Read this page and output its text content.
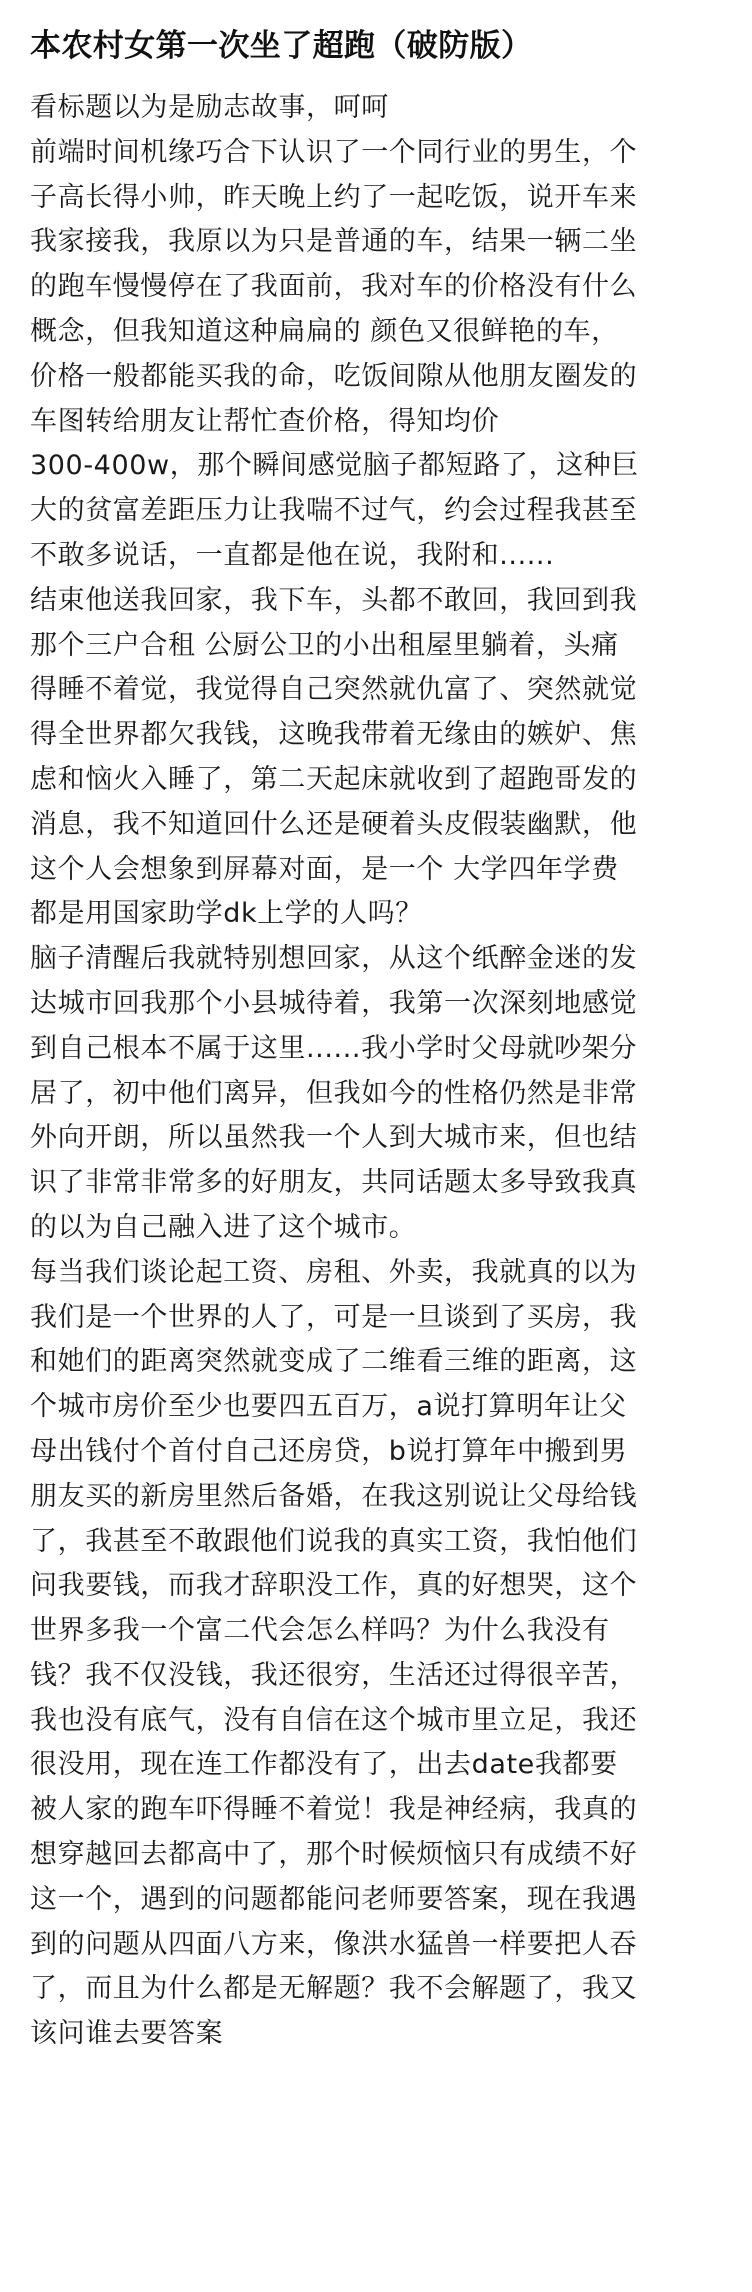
本农村女第一次坐了超跑（破防版）
看标题以为是励志故事，呵呵
前端时间机缘巧合下认识了一个同行业的男生，个
子高长得小帅，昨天晚上约了一起吃饭，说开车来
我家接我，我原以为只是普通的车，结果一辆二坐
的跑车慢慢停在了我面前，我对车的价格没有什么
概念，但我知道这种扁扁的 颜色又很鲜艳的车，
价格一般都能买我的命，吃饭间隙从他朋友圈发的
车图转给朋友让帮忙查价格，得知均价
300-400w，那个瞬间感觉脑子都短路了，这种巨
大的贫富差距压力让我喘不过气，约会过程我甚至
不敢多说话，一直都是他在说，我附和......
结束他送我回家，我下车，头都不敢回，我回到我
那个三户合租 公厨公卫的小出租屋里躺着，头痛
得睡不着觉，我觉得自己突然就仇富了、突然就觉
得全世界都欠我钱，这晚我带着无缘由的嫉妒、焦
虑和恼火入睡了，第二天起床就收到了超跑哥发的
消息，我不知道回什么还是硬着头皮假装幽默，他
这个人会想象到屏幕对面，是一个 大学四年学费
都是用国家助学dk上学的人吗？
脑子清醒后我就特别想回家，从这个纸醉金迷的发
达城市回我那个小县城待着，我第一次深刻地感觉
到自己根本不属于这里......我小学时父母就吵架分
居了，初中他们离异，但我如今的性格仍然是非常
外向开朗，所以虽然我一个人到大城市来，但也结
识了非常非常多的好朋友，共同话题太多导致我真
的以为自己融入进了这个城市。
每当我们谈论起工资、房租、外卖，我就真的以为
我们是一个世界的人了，可是一旦谈到了买房，我
和她们的距离突然就变成了二维看三维的距离，这
个城市房价至少也要四五百万，a说打算明年让父
母出钱付个首付自己还房贷，b说打算年中搬到男
朋友买的新房里然后备婚，在我这别说让父母给钱
了，我甚至不敢跟他们说我的真实工资，我怕他们
问我要钱，而我才辞职没工作，真的好想哭，这个
世界多我一个富二代会怎么样吗？为什么我没有
钱？我不仅没钱，我还很穷，生活还过得很辛苦，
我也没有底气，没有自信在这个城市里立足，我还
很没用，现在连工作都没有了，出去date我都要
被人家的跑车吓得睡不着觉！我是神经病，我真的
想穿越回去都高中了，那个时候烦恼只有成绩不好
这一个，遇到的问题都能问老师要答案，现在我遇
到的问题从四面八方来，像洪水猛兽一样要把人吞
了，而且为什么都是无解题？我不会解题了，我又
该问谁去要答案
